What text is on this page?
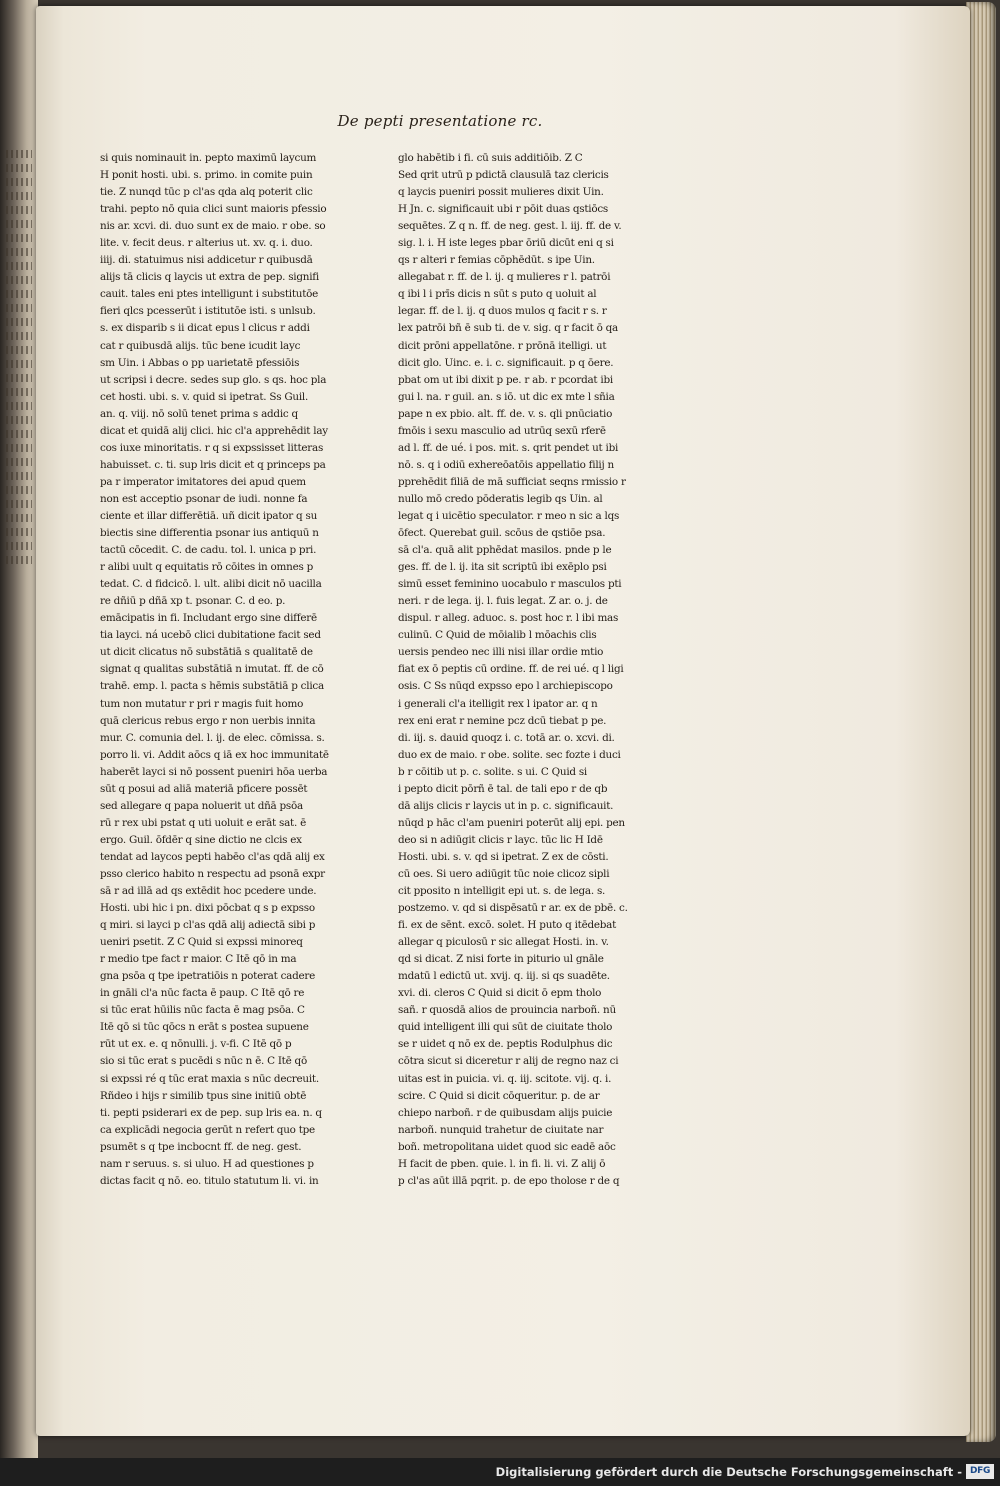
De pepti presentatione rc.
si quis nominauit in. pepto maximū laycum
H ponit hosti. ubi. s. primo. in comite puin
tie. Z nunqd tūc p cl'as qda alq poterit clic
trahi. pepto nō quia clici sunt maioris pfessio
nis ar. xcvi. di. duo sunt ex de maio. r obe. so
lite. v. fecit deus. r alterius ut. xv. q. i. duo.
iiij. di. statuimus nisi addicetur r quibusdā
alijs tā clicis q laycis ut extra de pep. signifi
cauit. tales eni ptes intelligunt i substitutōe
fieri qlcs pcesserūt i istitutōe isti. s unlsub.
s. ex disparib s ii dicat epus l clicus r addi
cat r quibusdā alijs. tūc bene icudit layc
sm Uin. i Abbas o pp uarietatē pfessiōis
ut scripsi i decre. sedes sup glo. s qs. hoc pla
cet hosti. ubi. s. v. quid si ipetrat. Ss Guil.
an. q. viij. nō solū tenet prima s addic q
dicat et quidā alij clici. hic cl'a apprehēdit lay
cos iuxe minoritatis. r q si expssisset litteras
habuisset. c. ti. sup lris dicit et q princeps pa
pa r imperator imitatores dei apud quem
non est acceptio psonar de iudi. nonne fa
ciente et illar differētiā. uñ dicit ipator q su
biectis sine differentia psonar ius antiquū n
tactū cōcedit. C. de cadu. tol. l. unica p pri.
r alibi uult q equitatis rō cōites in omnes p
tedat. C. d fidcicō. l. ult. alibi dicit nō uacilla
re dñiū p dñā xp t. psonar. C. d eo. p.
emācipatis in fi. Includant ergo sine differē
tia layci. ná ucebō clici dubitatione facit sed
ut dicit clicatus nō substātiā s qualitatē de
signat q qualitas substātiā n imutat. ff. de cō
trahē. emp. l. pacta s hēmis substātiā p clica
tum non mutatur r pri r magis fuit homo
quā clericus rebus ergo r non uerbis innita
mur. C. comunia del. l. ij. de elec. cōmissa. s.
porro li. vi. Addit aōcs q iā ex hoc immunitatē
haberēt layci si nō possent pueniri hōa uerba
sūt q posui ad aliā materiā pficere possēt
sed allegare q papa noluerit ut dñā psōa
rū r rex ubi pstat q uti uoluit e erāt sat. ē
ergo. Guil. ōfdēr q sine dictio ne clcis ex
tendat ad laycos pepti habēo cl'as qdā alij ex
psso clerico habito n respectu ad psonā expr
sā r ad illā ad qs extēdit hoc pcedere unde.
Hosti. ubi hic i pn. dixi pōcbat q s p expsso
q miri. si layci p cl'as qdā alij adiectā sibi p
ueniri psetit. Z C Quid si expssi minoreq
r medio tpe fact r maior. C Itē qō in ma
gna psōa q tpe ipetratiōis n poterat cadere
in gnāli cl'a nūc facta ē paup. C Itē qō re
si tūc erat hūilis nūc facta ē mag psōa. C
Itē qō si tūc qōcs n erāt s postea supuene
rūt ut ex. e. q nōnulli. j. v-fi. C Itē qō p
sio si tūc erat s pucēdi s nūc n ē. C Itē qō
si expssi ré q tūc erat maxia s nūc decreuit.
Rñdeo i hijs r similib tpus sine initiū obtē
ti. pepti psiderari ex de pep. sup lris ea. n. q
ca explicādi negocia gerūt n refert quo tpe
psumēt s q tpe incbocnt ff. de neg. gest.
nam r seruus. s. si uluo. H ad questiones p
dictas facit q nō. eo. titulo statutum li. vi. in
glo habētib i fi. cū suis additiōib. Z C
Sed qrit utrū p pdictā clausulā taz clericis
q laycis pueniri possit mulieres dixit Uin.
H Jn. c. significauit ubi r pōit duas qstiōcs
sequētes. Z q n. ff. de neg. gest. l. iij. ff. de v.
sig. l. i. H iste leges pbar ōriū dicūt eni q si
qs r alteri r femias cōphēdūt. s ipe Uin.
allegabat r. ff. de l. ij. q mulieres r l. patrōi
q ibi l i prīs dicis n sūt s puto q uoluit al
legar. ff. de l. ij. q duos mulos q facit r s. r
lex patrōi bñ ē sub ti. de v. sig. q r facit ō qa
dicit prōni appellatōne. r prōnā itelligi. ut
dicit glo. Uinc. e. i. c. significauit. p q ōere.
pbat om ut ibi dixit p pe. r ab. r pcordat ibi
gui l. na. r guil. an. s iō. ut dic ex mte l sñia
pape n ex pbio. alt. ff. de. v. s. qli pnūciatio
fmōis i sexu masculio ad utrūq sexū rferē
ad l. ff. de ué. i pos. mit. s. qrit pendet ut ibi
nō. s. q i odiū exhereōatōis appellatio filij n
pprehēdit filiā de mā sufficiat seqns rmissio r
nullo mō credo pōderatis legib qs Uin. al
legat q i uicētio speculator. r meo n sic a lqs
ōfect. Querebat guil. scōus de qstiōe psa.
sā cl'a. quā alit pphēdat masilos. pnde p le
ges. ff. de l. ij. ita sit scriptū ibi exēplo psi
simū esset feminino uocabulo r masculos pti
neri. r de lega. ij. l. fuis legat. Z ar. o. j. de
dispul. r alleg. aduoc. s. post hoc r. l ibi mas
culinū. C Quid de mōialib l mōachis clis
uersis pendeo nec illi nisi illar ordie mtio
fiat ex ō peptis cū ordine. ff. de rei ué. q l ligi
osis. C Ss nūqd expsso epo l archiepiscopo
i generali cl'a itelligit rex l ipator ar. q n
rex eni erat r nemine pcz dcū tiebat p pe.
di. iij. s. dauid quoqz i. c. totā ar. o. xcvi. di.
duo ex de maio. r obe. solite. sec fozte i duci
b r cōitib ut p. c. solite. s ui. C Quid si
i pepto dicit pōrñ ē tal. de tali epo r de qb
dā alijs clicis r laycis ut in p. c. significauit.
nūqd p hāc cl'am pueniri poterūt alij epi. pen
deo si n adiūgit clicis r layc. tūc lic H Idē
Hosti. ubi. s. v. qd si ipetrat. Z ex de cōsti.
cū oes. Si uero adiūgit tūc noie clicoz sipli
cit pposito n intelligit epi ut. s. de lega. s.
postzemo. v. qd si dispēsatū r ar. ex de pbē. c.
fi. ex de sēnt. excō. solet. H puto q itēdebat
allegar q piculosū r sic allegat Hosti. in. v.
qd si dicat. Z nisi forte in piturio ul gnāle
mdatū l edictū ut. xvij. q. iij. si qs suadēte.
xvi. di. cleros C Quid si dicit ō epm tholo
sañ. r quosdā alios de prouincia narboñ. nū
quid intelligent illi qui sūt de ciuitate tholo
se r uidet q nō ex de. peptis Rodulphus dic
cōtra sicut si diceretur r alij de regno naz ci
uitas est in puicia. vi. q. iij. scitote. vij. q. i.
scire. C Quid si dicit cōqueritur. p. de ar
chiepo narboñ. r de quibusdam alijs puicie
narboñ. nunquid trahetur de ciuitate nar
boñ. metropolitana uidet quod sic eadē aōc
H facit de pben. quie. l. in fi. li. vi. Z alij ō
p cl'as aūt illā pqrit. p. de epo tholose r de q
Digitalisierung gefördert durch die Deutsche Forschungsgemeinschaft - DFG
